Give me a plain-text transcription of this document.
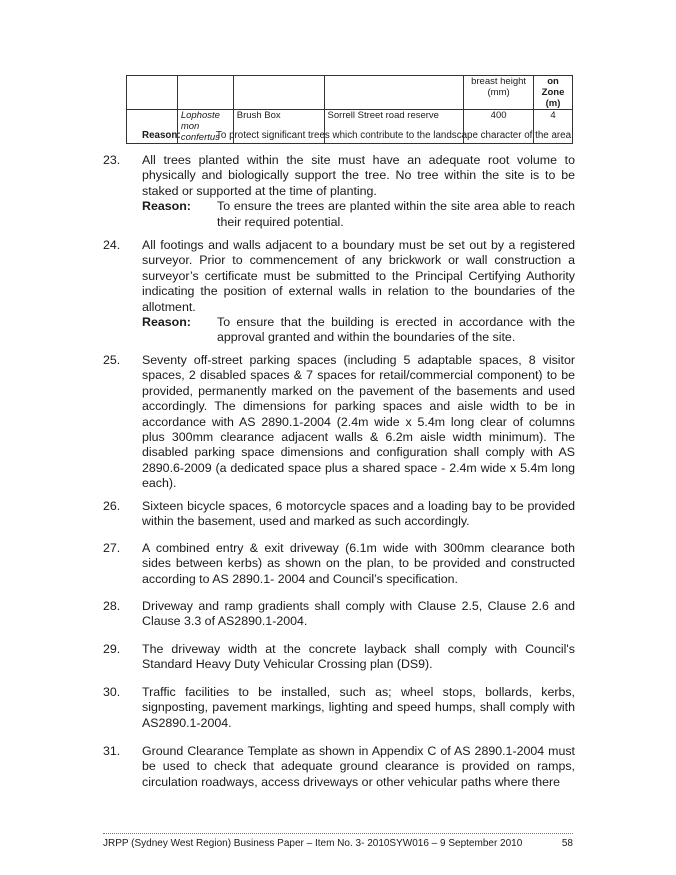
				breast height (mm)	on Zone (m)
	Lophoste mon confertus	Brush Box	Sorrell Street road reserve	400	4
Reason:	To protect significant trees which contribute to the landscape character of the area.
23. All trees planted within the site must have an adequate root volume to physically and biologically support the tree. No tree within the site is to be staked or supported at the time of planting.
Reason: To ensure the trees are planted within the site area able to reach their required potential.
24. All footings and walls adjacent to a boundary must be set out by a registered surveyor. Prior to commencement of any brickwork or wall construction a surveyor’s certificate must be submitted to the Principal Certifying Authority indicating the position of external walls in relation to the boundaries of the allotment.
Reason: To ensure that the building is erected in accordance with the approval granted and within the boundaries of the site.
25. Seventy off-street parking spaces (including 5 adaptable spaces, 8 visitor spaces, 2 disabled spaces & 7 spaces for retail/commercial component) to be provided, permanently marked on the pavement of the basements and used accordingly. The dimensions for parking spaces and aisle width to be in accordance with AS 2890.1-2004 (2.4m wide x 5.4m long clear of columns plus 300mm clearance adjacent walls & 6.2m aisle width minimum). The disabled parking space dimensions and configuration shall comply with AS 2890.6-2009 (a dedicated space plus a shared space - 2.4m wide x 5.4m long each).
26. Sixteen bicycle spaces, 6 motorcycle spaces and a loading bay to be provided within the basement, used and marked as such accordingly.
27. A combined entry & exit driveway (6.1m wide with 300mm clearance both sides between kerbs) as shown on the plan, to be provided and constructed according to AS 2890.1- 2004 and Council’s specification.
28. Driveway and ramp gradients shall comply with Clause 2.5, Clause 2.6 and Clause 3.3 of AS2890.1-2004.
29. The driveway width at the concrete layback shall comply with Council's Standard Heavy Duty Vehicular Crossing plan (DS9).
30. Traffic facilities to be installed, such as; wheel stops, bollards, kerbs, signposting, pavement markings, lighting and speed humps, shall comply with AS2890.1-2004.
31. Ground Clearance Template as shown in Appendix C of AS 2890.1-2004 must be used to check that adequate ground clearance is provided on ramps, circulation roadways, access driveways or other vehicular paths where there
JRPP (Sydney West Region) Business Paper – Item No. 3- 2010SYW016 – 9 September 2010	58
